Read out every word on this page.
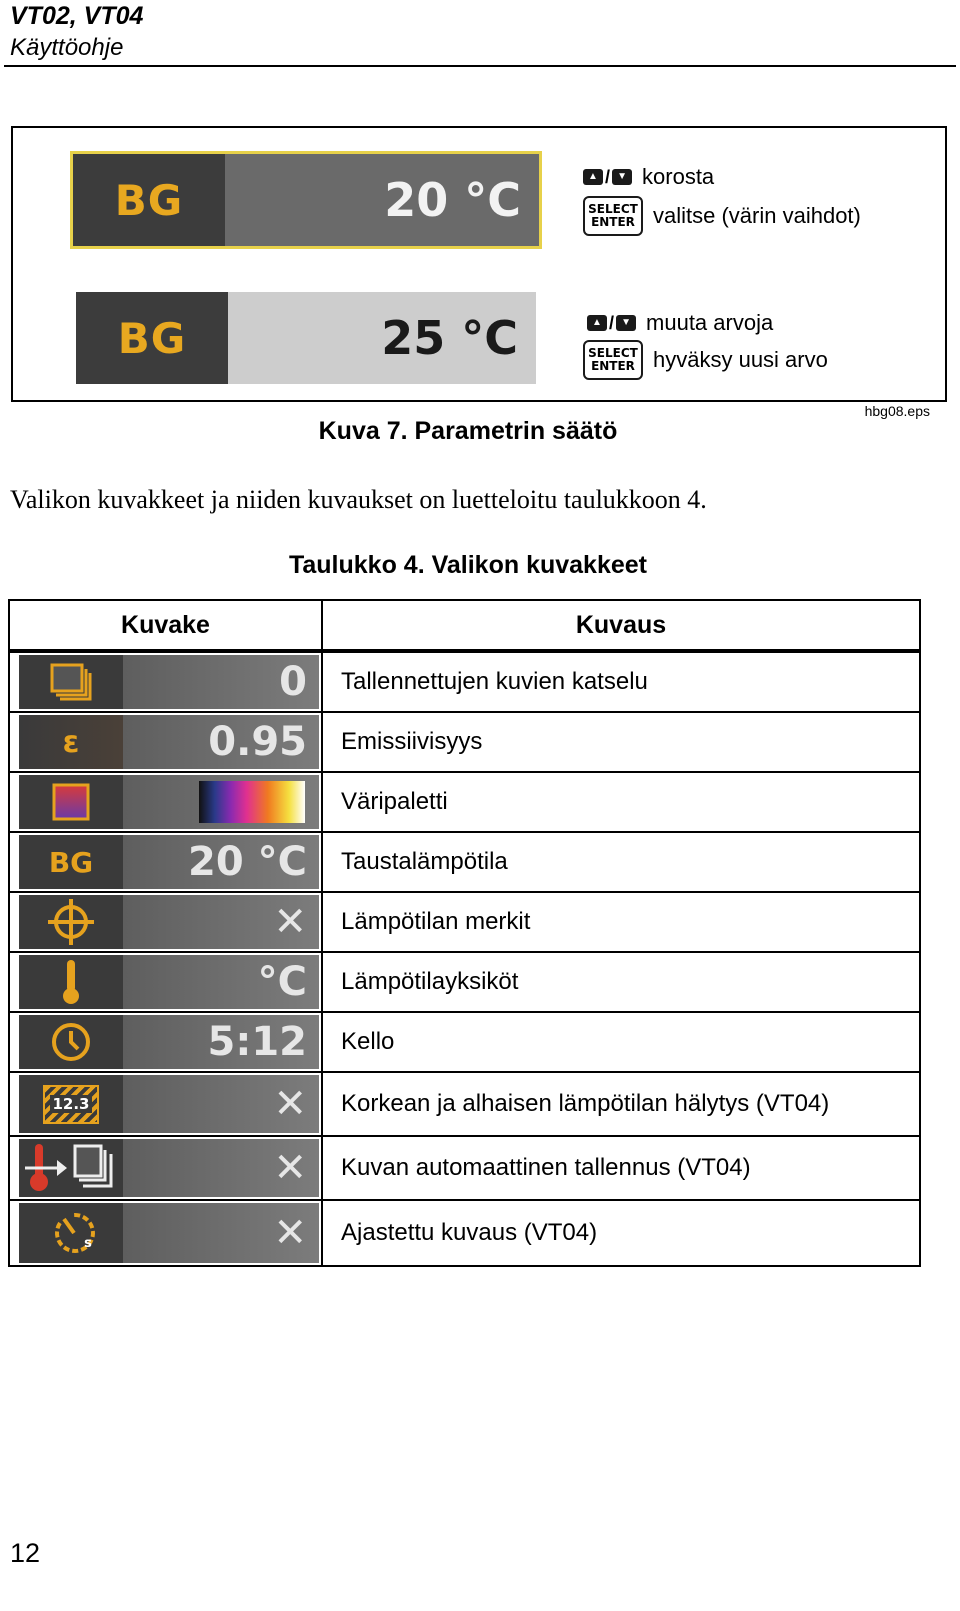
VT02, VT04
Käyttöohje
BG	20 °C
BG	25 °C
▲ / ▼ korosta
SELECT
ENTER valitse (värin vaihdot)
▲ / ▼ muuta arvoja
SELECT
ENTER hyväksy uusi arvo
hbg08.eps
Kuva 7. Parametrin säätö
Valikon kuvakkeet ja niiden kuvaukset on luetteloitu taulukkoon 4.
Taulukko 4. Valikon kuvakkeet
Kuvake	Kuvaus
0	Tallennettujen kuvien katselu
ε	0.95	Emissiivisyys
Väripaletti
BG	20 °C	Taustalämpötila
✕	Lämpötilan merkit
°C	Lämpötilayksiköt
5:12	Kello
12.3	✕	Korkean ja alhaisen lämpötilan hälytys (VT04)
✕	Kuvan automaattinen tallennus (VT04)
s	✕	Ajastettu kuvaus (VT04)
12
